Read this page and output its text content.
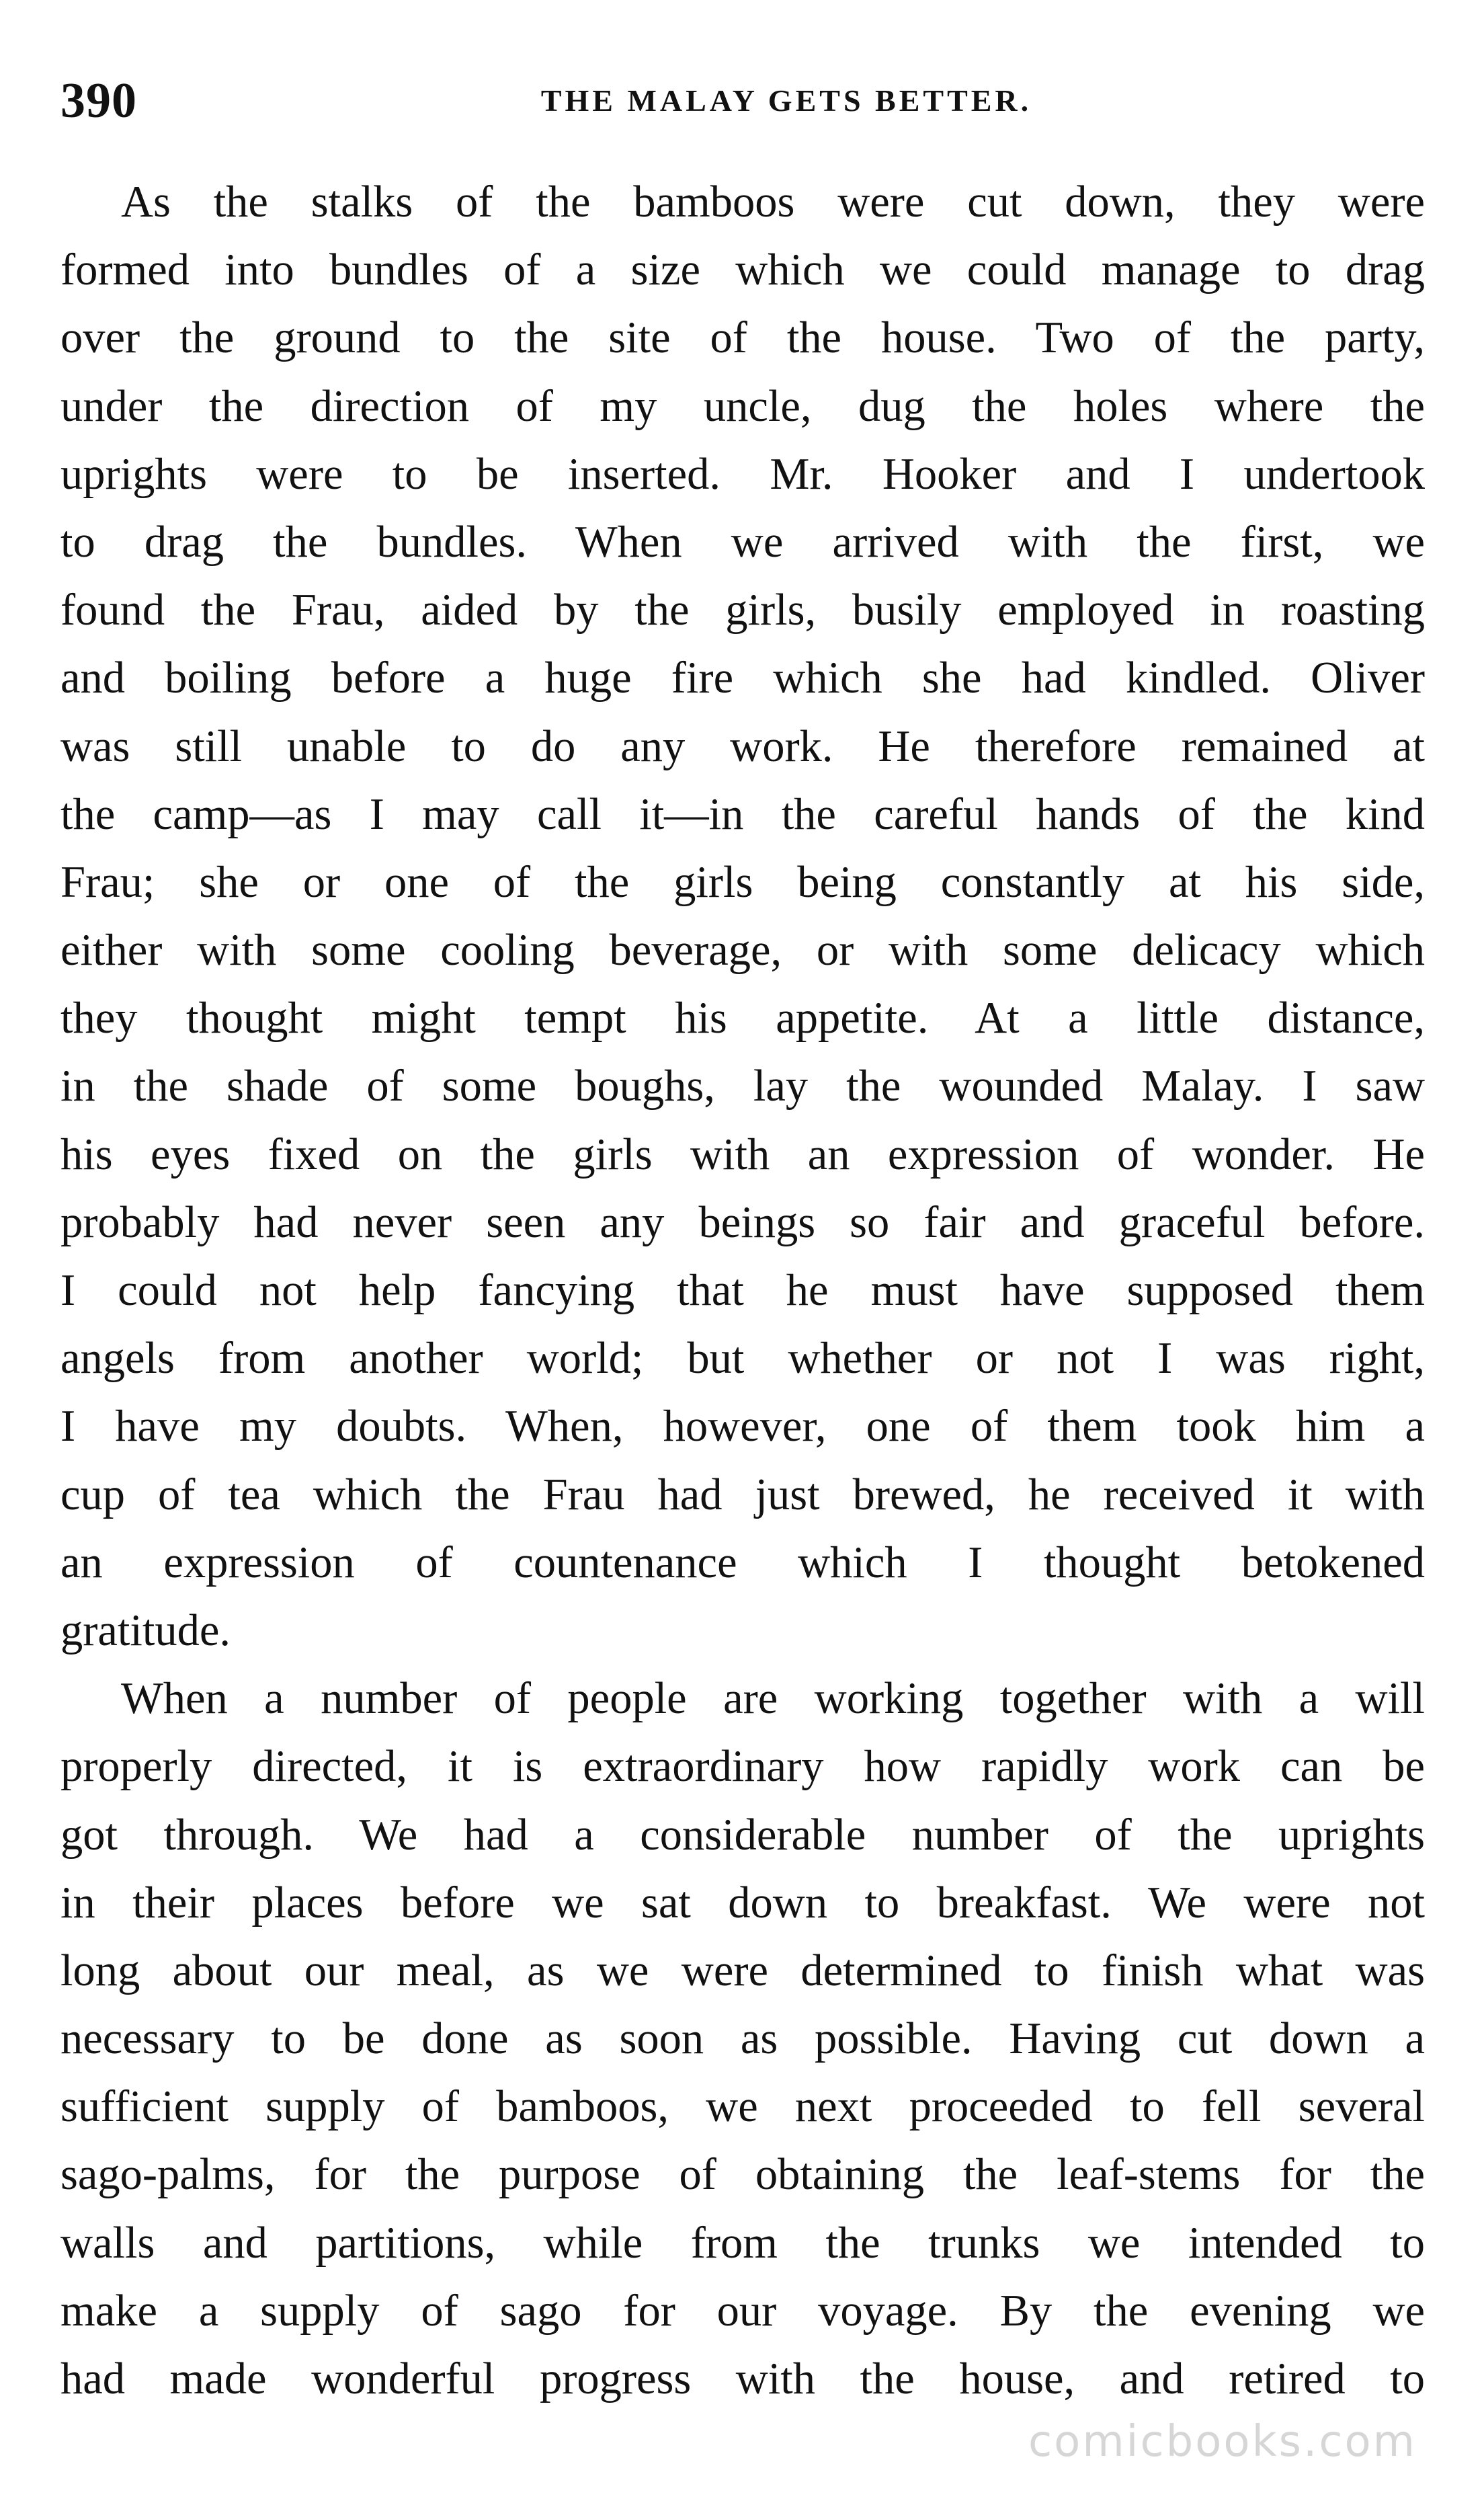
390	THE MALAY GETS BETTER.
As the stalks of the bamboos were cut down, they were
formed into bundles of a size which we could manage to drag
over the ground to the site of the house. Two of the party,
under the direction of my uncle, dug the holes where the
uprights were to be inserted. Mr. Hooker and I undertook
to drag the bundles. When we arrived with the first, we
found the Frau, aided by the girls, busily employed in roasting
and boiling before a huge fire which she had kindled. Oliver
was still unable to do any work. He therefore remained at
the camp—as I may call it—in the careful hands of the kind
Frau; she or one of the girls being constantly at his side,
either with some cooling beverage, or with some delicacy which
they thought might tempt his appetite. At a little distance,
in the shade of some boughs, lay the wounded Malay. I saw
his eyes fixed on the girls with an expression of wonder. He
probably had never seen any beings so fair and graceful before.
I could not help fancying that he must have supposed them
angels from another world; but whether or not I was right,
I have my doubts. When, however, one of them took him a
cup of tea which the Frau had just brewed, he received it with
an expression of countenance which I thought betokened
gratitude.
When a number of people are working together with a will
properly directed, it is extraordinary how rapidly work can be
got through. We had a considerable number of the uprights
in their places before we sat down to breakfast. We were not
long about our meal, as we were determined to finish what was
necessary to be done as soon as possible. Having cut down a
sufficient supply of bamboos, we next proceeded to fell several
sago-palms, for the purpose of obtaining the leaf-stems for the
walls and partitions, while from the trunks we intended to
make a supply of sago for our voyage. By the evening we
had made wonderful progress with the house, and retired to
comicbooks.com
